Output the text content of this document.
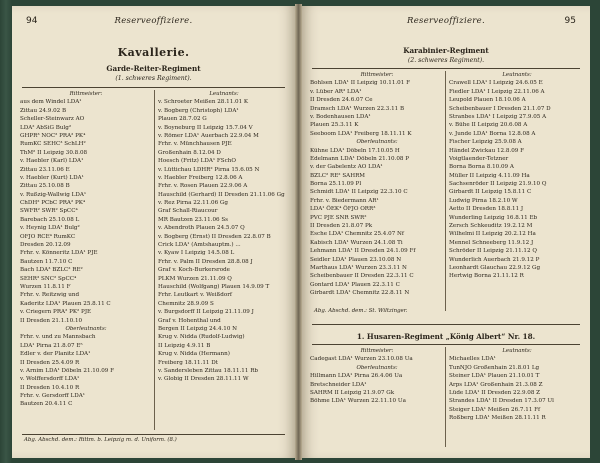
94	Reserveoffiziere.
Kavallerie.
Garde-Reiter-Regiment
(1. schweres Regiment).
Rittmeister:
aus dem Windel LDA¹
Zittau 24.9.02 B
Scheller-Steinwarz AO
LDA² AbSiG Bulg²
GHPR³ NOC² PRA² PK⁴
RumKC SEHC³ SchLH²
ThM² II Leipzig 30.8.08
v. Haebler (Karl) LDA¹
Zittau 23.11.06 E
v. Haebler (Kurt) LDA¹
Zittau 25.10.08 B
v. Rußzig-Wallwig LDA¹
ChDH² PCbC PRA² PK⁴
SWFR² SWR² SpCC⁴
Barebach 25.10.08 L
v. Heynig LDA¹ Bulg²
OFJO RCE⁴ RumKC
Dresden 20.12.09
Frhr. v. Könneritz LDA¹ PJE
Bautzen 11.7.10 C
Bach LDA³ BZLC² RE²
SEHR³ SNC² SpCC⁴
Wurzen 11.8.11 F
Frhr. v. Reitzwig und
Kaderitz LDA¹ Plauen 25.8.11 C
v. Criegern PRA² PK² PJE
II Dresden 21.1.10.10
Oberleutnants:
Frhr. v. und zu Mannsbach
LDA¹ Pirna 21.8.07 E⁵
Edler v. der Planitz LDA¹
II Dresden 25.4.09 R
v. Arnim LDA¹ Döbeln 21.10.09 F
v. Wolffersdorff LDA¹
II Dresden 10.4.10 R
Frhr. v. Gersdorff LDA¹
Bautzen 20.4.11 C
Leutnants:
v. Schroeter Meißen 28.11.01 K
v. Bogberg (Christoph) LDA¹
Plauen 28.7.02 G
v. Boyneburg II Leipzig 15.7.04 V
v. Römer LDA¹ Auerbach 22.9.04 M
Frhr. v. Münchhausen PJE
Großenhain 8.12.04 D
Hoesch (Fritz) LDA¹ FSchO
v. Lüttichau LDHR² Pirna 15.6.05 N
v. Haebler Freiberg 12.8.06 A
Frhr. v. Rosen Plauen 22.9.06 A
Hauschild (Gerhard) II Dresden 21.11.06 Gg
v. Rez Pirna 22.11.06 Gg
Graf Schall-Riaucour
MR Bautzen 23.11.06 Ss
v. Abendroth Plauen 24.5.07 Q
v. Bogberg (Ernst) II Dresden 22.8.07 B
Crick LDA¹ (Amtshauptm.) ...
v. Kyaw I Leipzig 14.5.08 L
Frhr. v. Palm II Dresden 28.8.08 J
Graf v. Koch-Burkersrode
PLKM Wurzen 21.11.09 Q
Hauschild (Wolfgang) Plauen 14.9.09 T
Frhr. Leutkart v. Weißdorf
Chemnitz 28.9.09 S
v. Burgsdorff II Leipzig 21.11.09 J
Graf v. Hohenthal und
Bergen II Leipzig 24.4.10 N
Krug v. Nidda (Rudolf-Ludwig)
II Leipzig 4.9.11 B
Krug v. Nidda (Hermann)
Freiberg 18.11.11 Dt
v. Sandersleben Zittau 18.11.11 Rb
v. Globig II Dresden 28.11.11 W
Abg. Abschd. dem.: Rittm. b. Leipzig m. d. Uniform. (8.)
95
Reserveoffiziere.
Karabinier-Regiment
(2. schweres Regiment).
Rittmeister:
Bohlsen LDA¹ II Leipzig 10.11.01 F
v. Lüber AR³ LDA¹
II Dresden 24.6.07 Ce
Dramsch LDA¹ Wurzen 22.3.11 B
v. Bodenhausen LDA¹
Plauen 25.3.11 K
Seeboom LDA¹ Freiberg 18.11.11 K
Oberleutnants:
Kühne LDA¹ Döbeln 17.10.05 H
Edelmann LDA¹ Döbeln 21.10.08 P
v. der Gabelentz AO LDA¹
BZLC² RE² SAHRM
Borna 25.11.09 Pl
Schmidt LDA¹ II Leipzig 22.3.10 C
Frhr. v. Biedermann AR¹
LDA¹ ÖEK⁴ ÖFJO ORR³
PVC PJE SNR SWR²
II Dresden 21.8.07 Pk
Esche LDA¹ Chemnitz 25.4.07 Nf
Kabisch LDA¹ Wurzen 24.1.08 Ti
Lehmann LDA¹ II Dresden 24.1.09 Ff
Seidler LDA¹ Plauen 23.10.08 N
Marthaus LDA¹ Wurzen 23.3.11 N
Scheibenbauer II Dresden 22.3.11 C
Gontard LDA¹ Plauen 22.3.11 C
Girbardt LDA¹ Chemnitz 22.8.11 N
Leutnants:
Crawell LDA¹ I Leipzig 24.6.05 E
Fiedler LDA¹ I Leipzig 22.11.06 A
Leupold Plauen 18.10.06 A
Scheibenbauer I Dresden 21.1.07 D
Stranbes LDA¹ I Leipzig 27.9.05 A
v. Bühe II Leipzig 20.6.08 A
v. Junde LDA¹ Borna 12.8.08 A
Fischer Leipzig 25.9.08 A
Händel Zwickau 12.8.09 F
Voigtlaender-Tetzner
Borna Borna 8.10.09 A
Müller II Leipzig 4.11.09 Ha
Sachsenröder II Leipzig 21.9.10 Q
Girbardt II Leipzig 15.8.11 C
Ludwig Pirna 18.2.10 W
Aetto II Dresden 18.8.11 J
Wunderling Leipzig 16.8.11 Eb
Zersch Schkeuditz 19.2.12 M
Wilhelmi II Leipzig 20.2.12 Ha
Mennel Schneeberg 11.9.12 J
Schröder II Leipzig 21.11.12 Q
Wunderlich Auerbach 21.9.12 P
Leonhardt Glauchau 22.9.12 Gg
Hertwig Borna 21.11.12 R
Abg. Abschd. dem.: St. Wiltzinger.
1. Husaren-Regiment „König Albert“ Nr. 18.
Rittmeister:
Cadegast LDA¹ Wurzen 23.10.08 Ua
Oberleutnants:
Hillmann LDA¹ Pirna 26.4.06 Ua
Bretschneider LDA¹
SAHRM II Leipzig 21.9.07 Gk
Böhme LDA¹ Wurzen 22.11.10 Ua
Leutnants:
Michaelles LDA¹
TunNJO Großenhain 21.8.01 Lg
Steiner LDA¹ Plauen 21.10.01 T
Arps LDA¹ Großenhain 21.3.08 Z
Lüde LDA¹ II Dresden 22.9.08 Z
Strandes LDA¹ II Dresden 17.3.07 Ul
Steiger LDA¹ Meißen 26.7.11 Ff
Roßberg LDA¹ Meißen 28.11.11 R
